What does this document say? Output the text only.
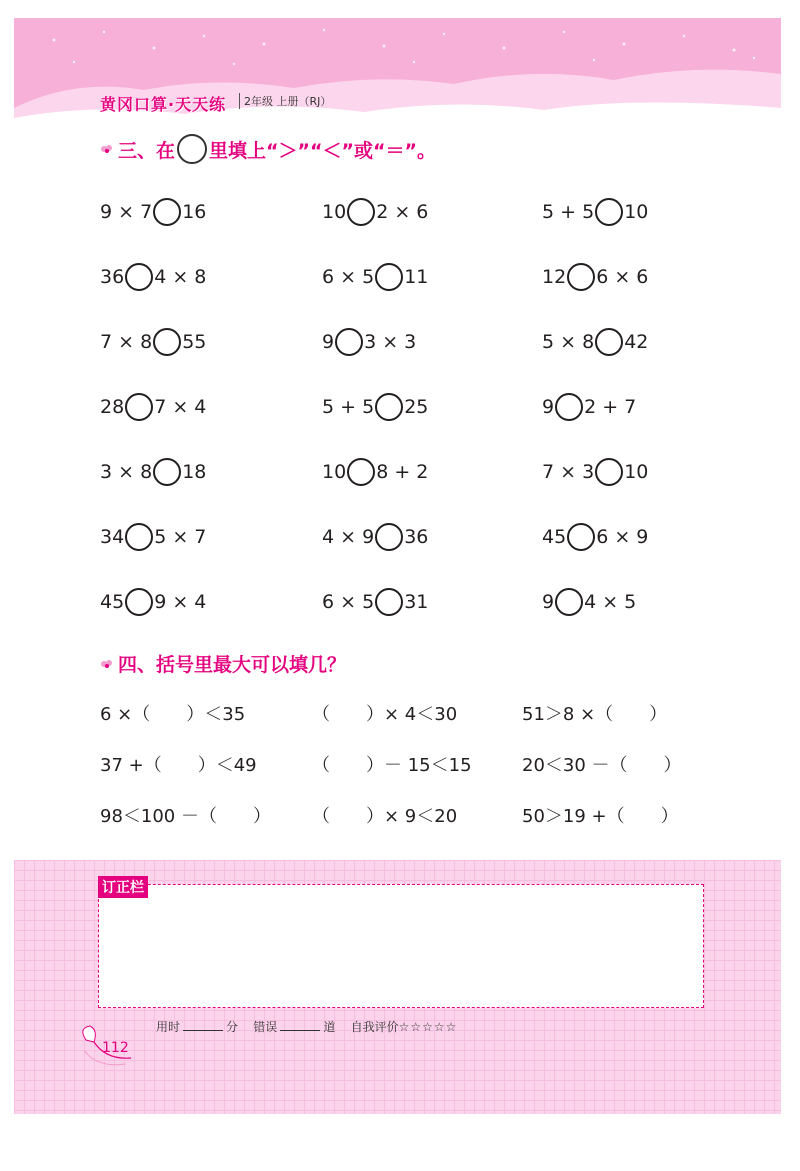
黄冈口算·天天练	2年级 上册（RJ）
三、在 里填上“＞”“＜”或“＝”。
9 × 7 16	10 2 × 6	5 + 5 10
36 4 × 8	6 × 5 11	12 6 × 6
7 × 8 55	9 3 × 3	5 × 8 42
28 7 × 4	5 + 5 25	9 2 + 7
3 × 8 18	10 8 + 2	7 × 3 10
34 5 × 7	4 × 9 36	45 6 × 9
45 9 × 4	6 × 5 31	9 4 × 5
四、括号里最大可以填几？
6 ×（　　）＜35	（　　）× 4＜30	51＞8 ×（　　）
37 +（　　）＜49	（　　）－ 15＜15	20＜30 －（　　）
98＜100 －（　　） （　　）× 9＜20	50＞19 +（　　）
订正栏
用时	分 错误	道 自我评价☆☆☆☆☆
112
